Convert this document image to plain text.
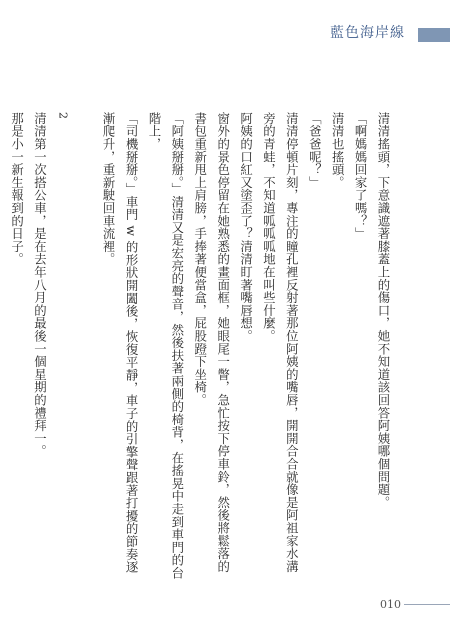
藍色海岸線

清清搖頭，下意識遮著膝蓋上的傷口，她不知道該回答阿姨哪個問題。

「啊媽媽回家了嗎？」

清清也搖頭。

「爸爸呢？」

清清停頓片刻，專注的瞳孔裡反射著那位阿姨的嘴唇，開開合合就像是阿祖家水溝旁的青蛙，不知道呱呱呱地在叫些什麼。

阿姨的口紅又塗歪了？清清盯著嘴唇想。

窗外的景色停留在她熟悉的畫面框，她眼尾一瞥，急忙按下停車鈴，然後將鬆落的書包重新甩上肩膀，手捧著便當盒，屁股蹬下坐椅。

「阿姨掰掰。」清清又是宏亮的聲音，然後扶著兩側的椅背，在搖晃中走到車門的台階上，

「司機掰掰。」車門 w 的形狀開闔後，恢復平靜，車子的引擎聲跟著打擾的節奏逐漸爬升，重新駛回車流裡。

2

清清第一次搭公車，是在去年八月的最後一個星期的禮拜一。

那是小一新生報到的日子。

010
